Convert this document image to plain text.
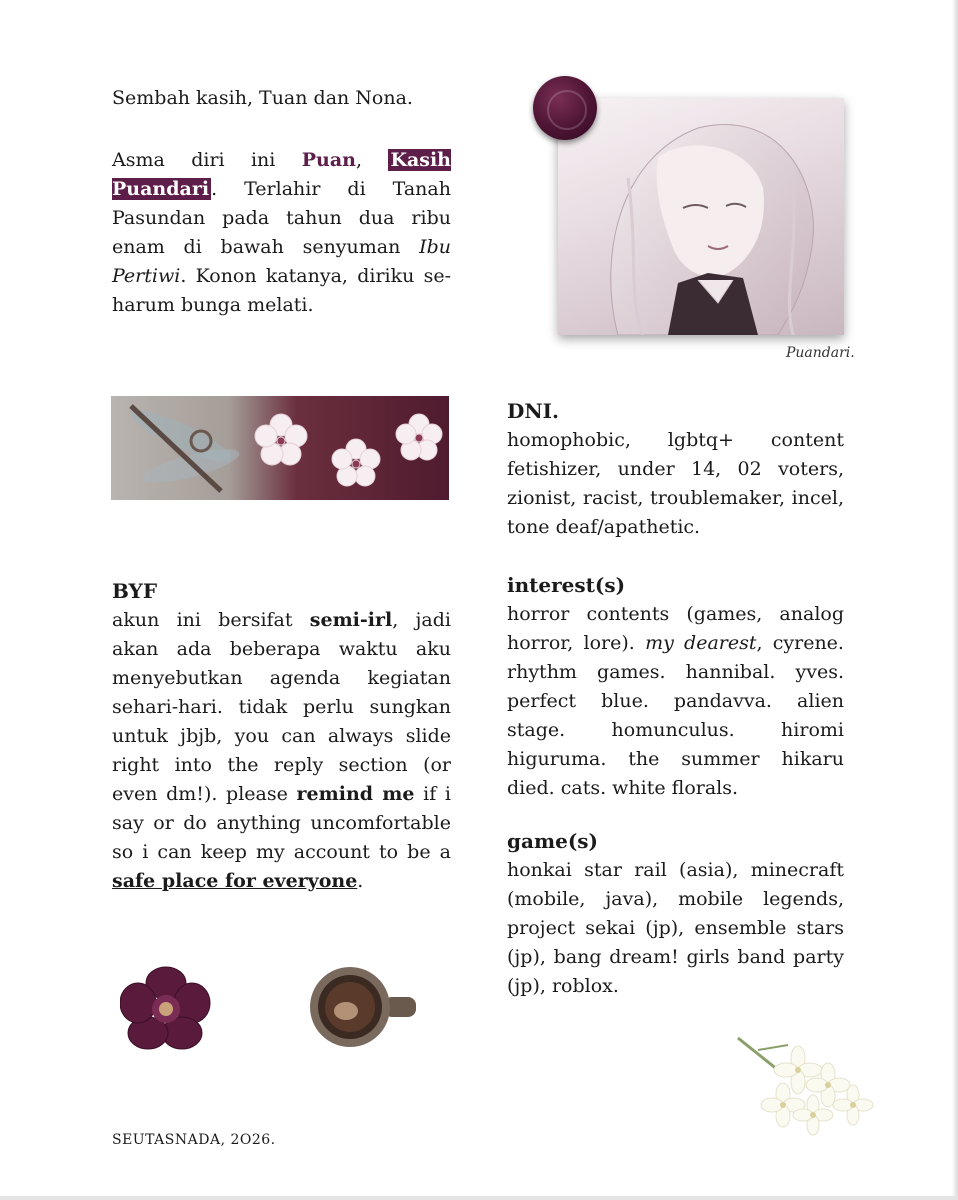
Sembah kasih, Tuan dan Nona.
Asma diri ini Puan, Kasih Puandari . Terlahir di Tanah Pasundan pada tahun dua ribu enam di bawah senyuman Ibu Pertiwi. Konon katanya, diriku se-harum bunga melati.
Puandari.
DNI.
homophobic, lgbtq+ content fetishizer, under 14, 02 voters, zionist, racist, troublemaker, incel, tone deaf/apathetic.
BYF
akun ini bersifat semi-irl, jadi akan ada beberapa waktu aku menyebutkan agenda kegiatan sehari-hari. tidak perlu sungkan untuk jbjb, you can always slide right into the reply section (or even dm!). please remind me if i say or do anything uncomfortable so i can keep my account to be a safe place for everyone.
interest(s)
horror contents (games, analog horror, lore). my dearest, cyrene. rhythm games. hannibal. yves. perfect blue. pandavva. alien stage. homunculus. hiromi higuruma. the summer hikaru died. cats. white florals.
game(s)
honkai star rail (asia), minecraft (mobile, java), mobile legends, project sekai (jp), ensemble stars (jp), bang dream! girls band party (jp), roblox.
SEUTASNADA, 2O26.
